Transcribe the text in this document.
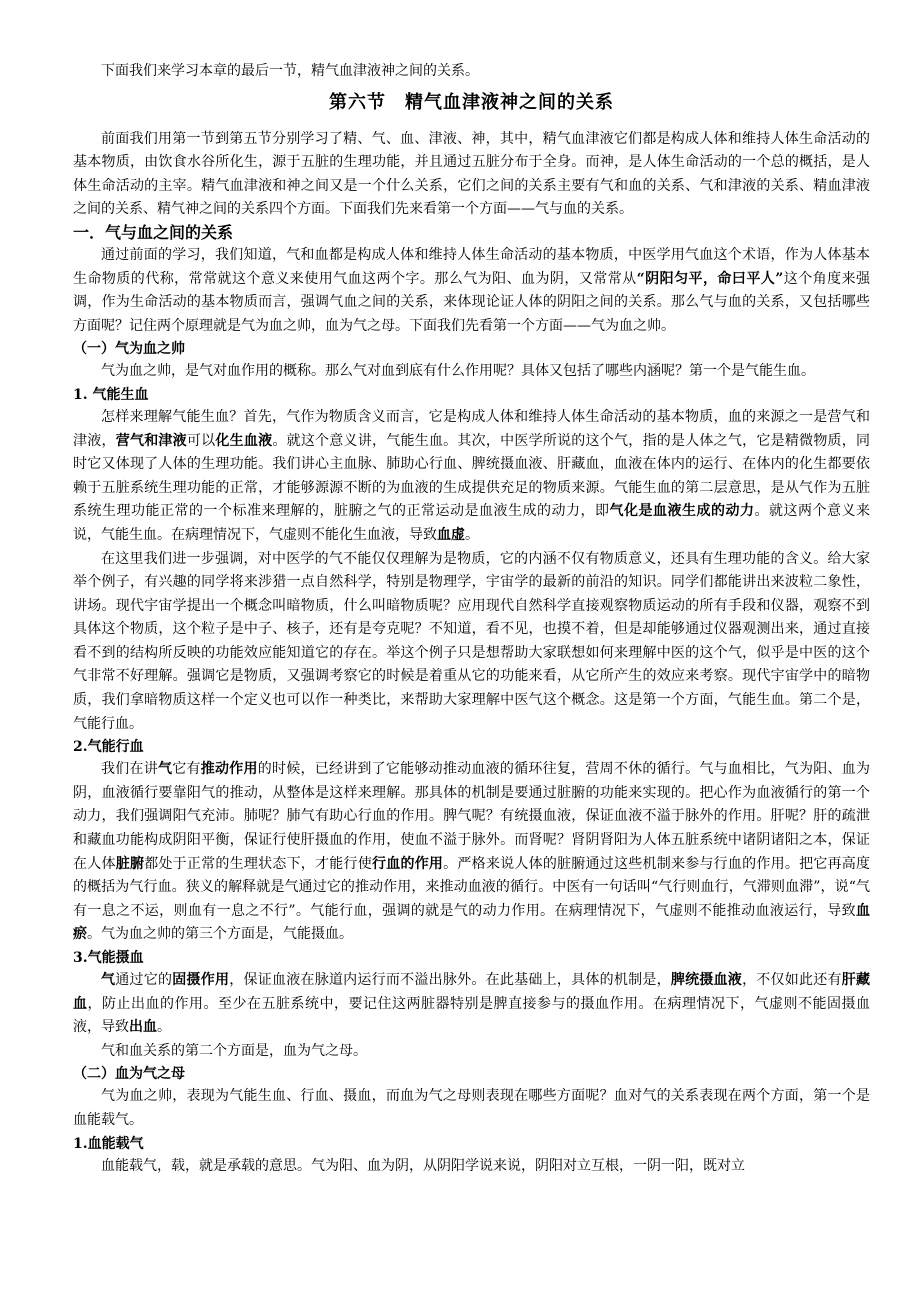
下面我们来学习本章的最后一节，精气血津液神之间的关系。

第六节　精气血津液神之间的关系

前面我们用第一节到第五节分别学习了精、气、血、津液、神，其中，精气血津液它们都是构成人体和维持人体生命活动的基本物质，由饮食水谷所化生，源于五脏的生理功能，并且通过五脏分布于全身。而神，是人体生命活动的一个总的概括，是人体生命活动的主宰。精气血津液和神之间又是一个什么关系，它们之间的关系主要有气和血的关系、气和津液的关系、精血津液之间的关系、精气神之间的关系四个方面。下面我们先来看第一个方面——气与血的关系。

一．气与血之间的关系

通过前面的学习，我们知道，气和血都是构成人体和维持人体生命活动的基本物质，中医学用气血这个术语，作为人体基本生命物质的代称，常常就这个意义来使用气血这两个字。那么气为阳、血为阴，又常常从“阴阳匀平，命曰平人”这个角度来强调，作为生命活动的基本物质而言，强调气血之间的关系，来体现论证人体的阴阳之间的关系。那么气与血的关系，又包括哪些方面呢？记住两个原理就是气为血之帅，血为气之母。下面我们先看第一个方面——气为血之帅。

（一）气为血之帅

气为血之帅，是气对血作用的概称。那么气对血到底有什么作用呢？具体又包括了哪些内涵呢？第一个是气能生血。

1. 气能生血

怎样来理解气能生血？首先，气作为物质含义而言，它是构成人体和维持人体生命活动的基本物质，血的来源之一是营气和津液，营气和津液可以化生血液。就这个意义讲，气能生血。其次，中医学所说的这个气，指的是人体之气，它是精微物质，同时它又体现了人体的生理功能。我们讲心主血脉、肺助心行血、脾统摄血液、肝藏血，血液在体内的运行、在体内的化生都要依赖于五脏系统生理功能的正常，才能够源源不断的为血液的生成提供充足的物质来源。气能生血的第二层意思，是从气作为五脏系统生理功能正常的一个标准来理解的，脏腑之气的正常运动是血液生成的动力，即气化是血液生成的动力。就这两个意义来说，气能生血。在病理情况下，气虚则不能化生血液，导致血虚。

在这里我们进一步强调，对中医学的气不能仅仅理解为是物质，它的内涵不仅有物质意义，还具有生理功能的含义。给大家举个例子，有兴趣的同学将来涉猎一点自然科学，特别是物理学，宇宙学的最新的前沿的知识。同学们都能讲出来波粒二象性，讲场。现代宇宙学提出一个概念叫暗物质，什么叫暗物质呢？应用现代自然科学直接观察物质运动的所有手段和仪器，观察不到具体这个物质，这个粒子是中子、核子，还有是夸克呢？不知道，看不见，也摸不着，但是却能够通过仪器观测出来，通过直接看不到的结构所反映的功能效应能知道它的存在。举这个例子只是想帮助大家联想如何来理解中医的这个气，似乎是中医的这个气非常不好理解。强调它是物质，又强调考察它的时候是着重从它的功能来看，从它所产生的效应来考察。现代宇宙学中的暗物质，我们拿暗物质这样一个定义也可以作一种类比，来帮助大家理解中医气这个概念。这是第一个方面，气能生血。第二个是，气能行血。

2.气能行血

我们在讲气它有推动作用的时候，已经讲到了它能够动推动血液的循环往复，营周不休的循行。气与血相比，气为阳、血为阴，血液循行要靠阳气的推动，从整体是这样来理解。那具体的机制是要通过脏腑的功能来实现的。把心作为血液循行的第一个动力，我们强调阳气充沛。肺呢？肺气有助心行血的作用。脾气呢？有统摄血液，保证血液不溢于脉外的作用。肝呢？肝的疏泄和藏血功能构成阴阳平衡，保证行使肝摄血的作用，使血不溢于脉外。而肾呢？肾阴肾阳为人体五脏系统中诸阴诸阳之本，保证在人体脏腑都处于正常的生理状态下，才能行使行血的作用。严格来说人体的脏腑通过这些机制来参与行血的作用。把它再高度的概括为气行血。狭义的解释就是气通过它的推动作用，来推动血液的循行。中医有一句话叫“气行则血行，气滞则血滞”，说“气有一息之不运，则血有一息之不行”。气能行血，强调的就是气的动力作用。在病理情况下，气虚则不能推动血液运行，导致血瘀。气为血之帅的第三个方面是，气能摄血。

3.气能摄血

气通过它的固摄作用，保证血液在脉道内运行而不溢出脉外。在此基础上，具体的机制是，脾统摄血液，不仅如此还有肝藏血，防止出血的作用。至少在五脏系统中，要记住这两脏器特别是脾直接参与的摄血作用。在病理情况下，气虚则不能固摄血液，导致出血。

气和血关系的第二个方面是，血为气之母。

（二）血为气之母

气为血之帅，表现为气能生血、行血、摄血，而血为气之母则表现在哪些方面呢？血对气的关系表现在两个方面，第一个是血能载气。

1.血能载气

血能载气，载，就是承载的意思。气为阳、血为阴，从阴阳学说来说，阴阳对立互根，一阴一阳，既对立
